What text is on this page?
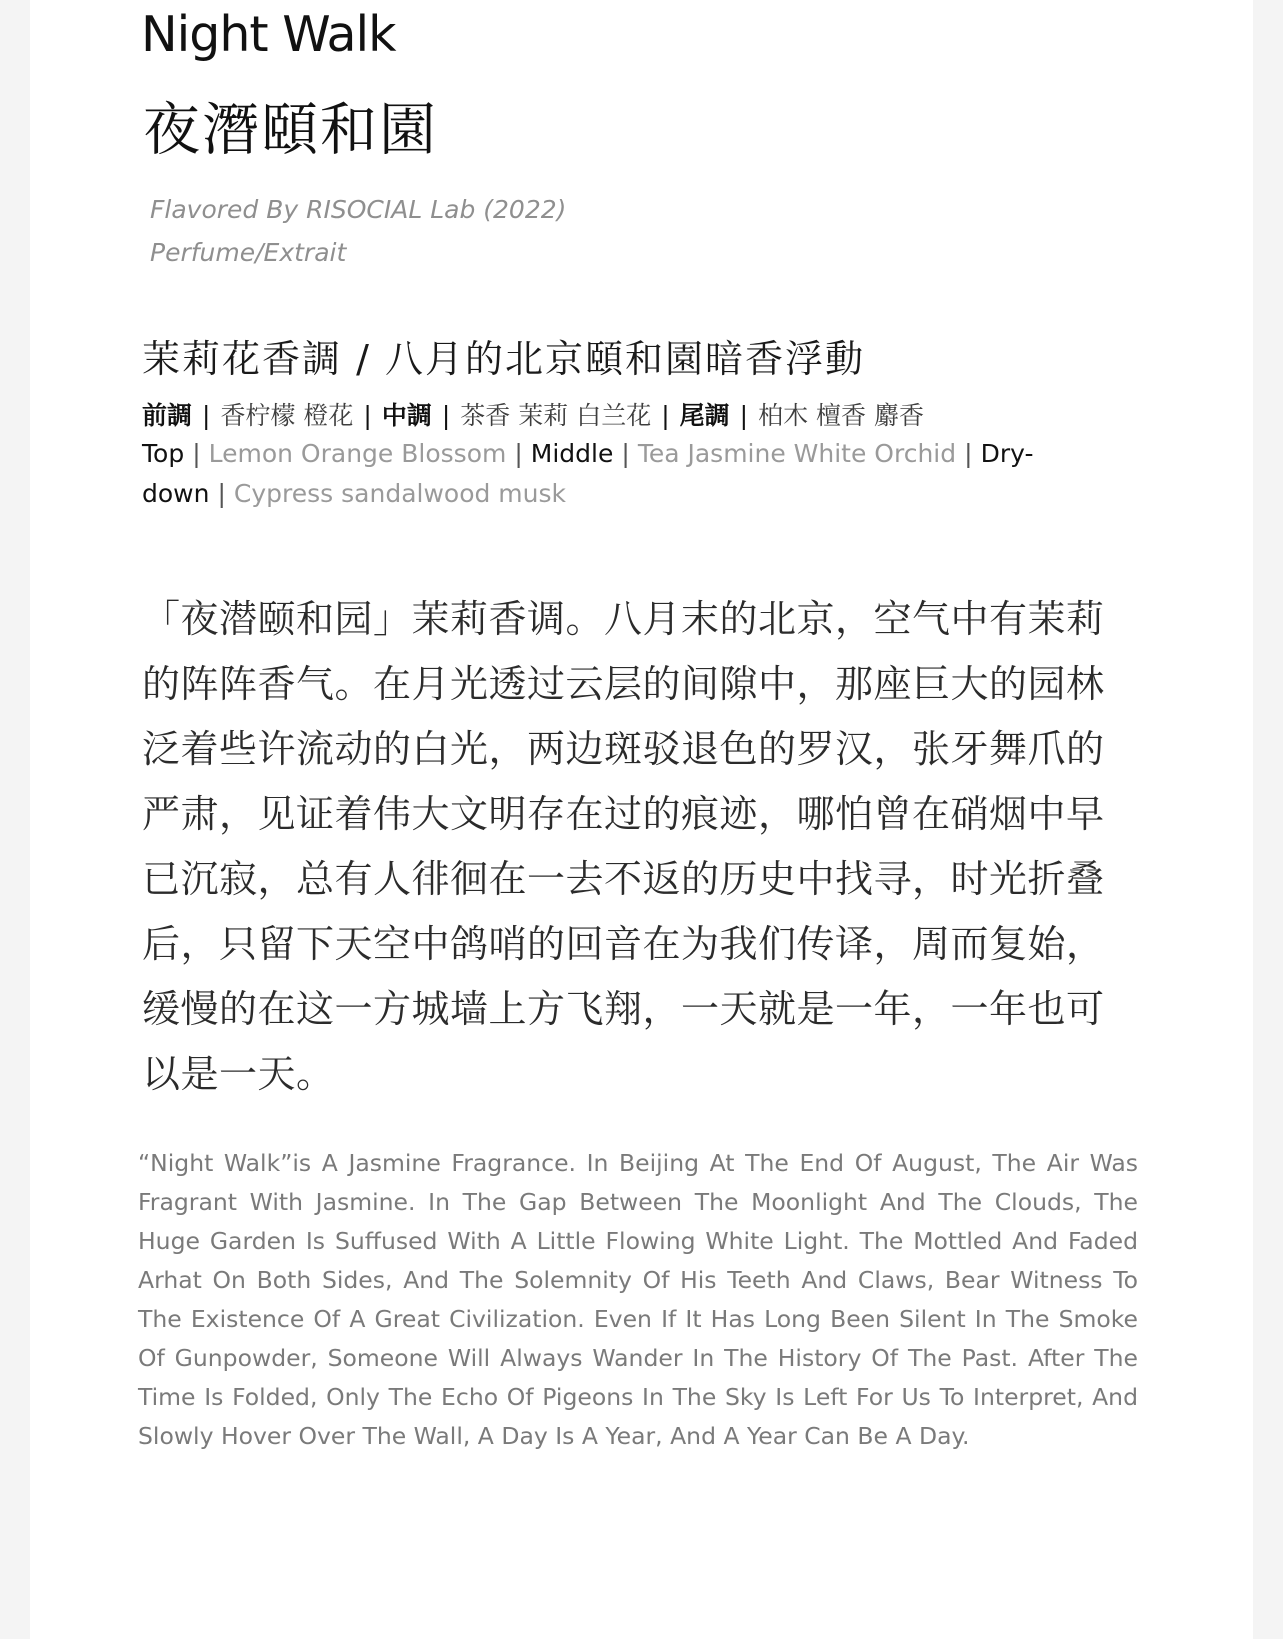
Night Walk
夜潛頤和園
Flavored By RISOCIAL Lab (2022)
Perfume/Extrait
茉莉花香調 / 八月的北京頤和園暗香浮動
前調 | 香柠檬 橙花 | 中調 | 茶香 茉莉 白兰花 | 尾調 | 柏木 檀香 麝香
Top | Lemon Orange Blossom | Middle | Tea Jasmine White Orchid | Dry-down | Cypress sandalwood musk
「夜潜颐和园」茉莉香调。八月末的北京，空气中有茉莉的阵阵香气。在月光透过云层的间隙中，那座巨大的园林泛着些许流动的白光，两边斑驳退色的罗汉，张牙舞爪的严肃，见证着伟大文明存在过的痕迹，哪怕曾在硝烟中早已沉寂，总有人徘徊在一去不返的历史中找寻，时光折叠后，只留下天空中鸽哨的回音在为我们传译，周而复始，缓慢的在这一方城墙上方飞翔，一天就是一年，一年也可以是一天。
“Night Walk”is A Jasmine Fragrance. In Beijing At The End Of August, The Air Was Fragrant With Jasmine. In The Gap Between The Moonlight And The Clouds, The Huge Garden Is Suffused With A Little Flowing White Light. The Mottled And Faded Arhat On Both Sides, And The Solemnity Of His Teeth And Claws, Bear Witness To The Existence Of A Great Civilization. Even If It Has Long Been Silent In The Smoke Of Gunpowder, Someone Will Always Wander In The History Of The Past. After The Time Is Folded, Only The Echo Of Pigeons In The Sky Is Left For Us To Interpret, And Slowly Hover Over The Wall, A Day Is A Year, And A Year Can Be A Day.
